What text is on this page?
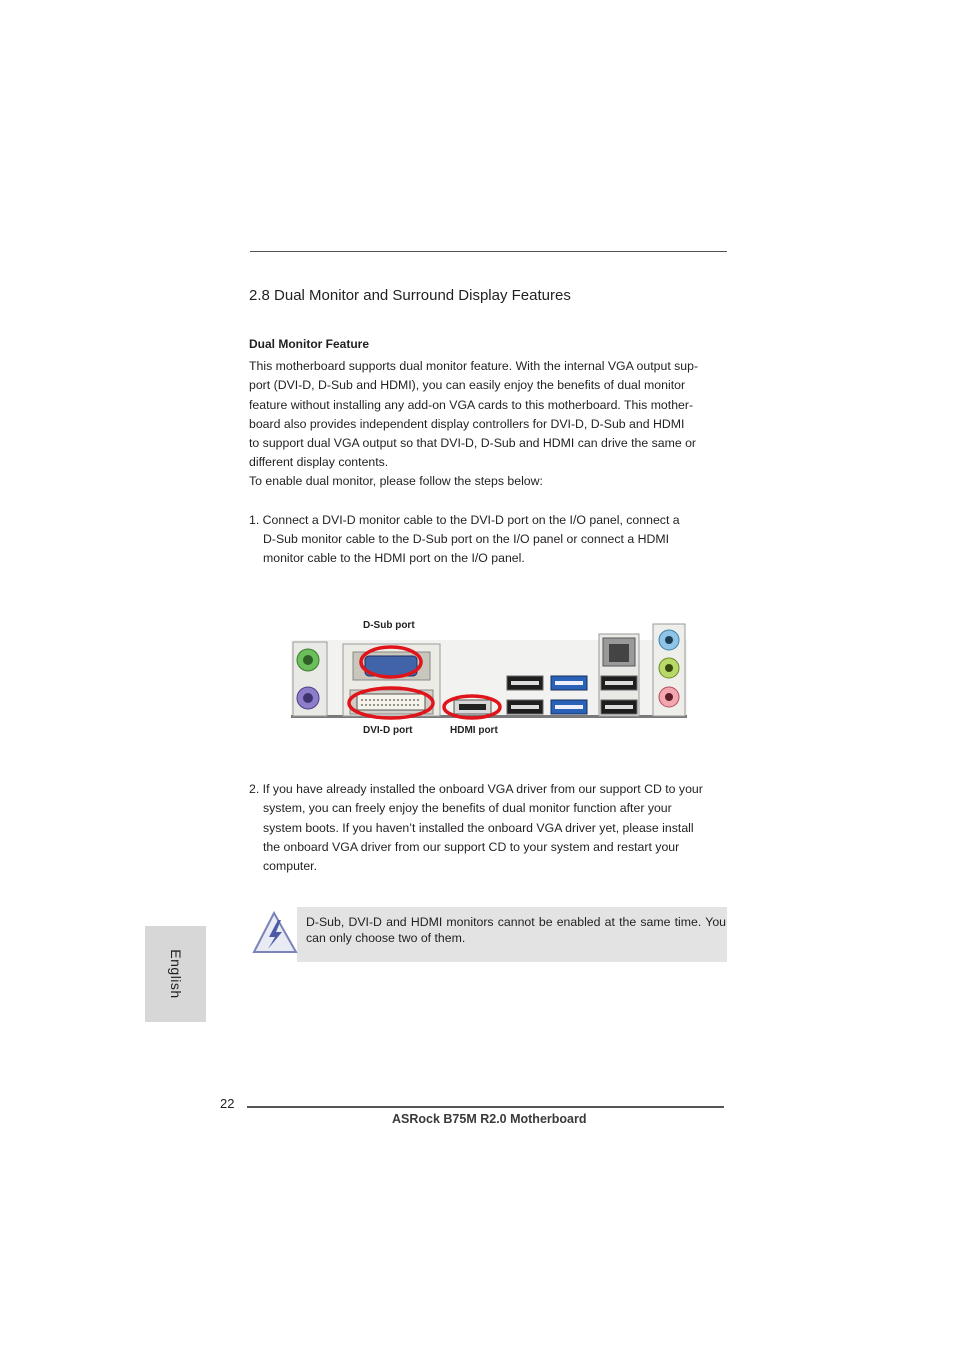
2.8 Dual Monitor and Surround Display Features
Dual Monitor Feature
This motherboard supports dual monitor feature. With the internal VGA output sup-
port (DVI-D, D-Sub and HDMI), you can easily enjoy the benefits of dual monitor
feature without installing any add-on VGA cards to this motherboard. This mother-
board also provides independent display controllers for DVI-D, D-Sub and HDMI
to support dual VGA output so that DVI-D, D-Sub and HDMI can drive the same or
different display contents.
To enable dual monitor, please follow the steps below:
1. Connect a DVI-D monitor cable to the DVI-D port on the I/O panel, connect a
D-Sub monitor cable to the D-Sub port on the I/O panel or connect a HDMI
monitor cable to the HDMI port on the I/O panel.
D-Sub port
DVI-D port	HDMI port
2. If you have already installed the onboard VGA driver from our support CD to your
system, you can freely enjoy the benefits of dual monitor function after your
system boots. If you haven’t installed the onboard VGA driver yet, please install
the onboard VGA driver from our support CD to your system and restart your
computer.
D-Sub, DVI-D and HDMI monitors cannot be enabled at the same time. You can only choose two of them.
English
22
ASRock B75M R2.0 Motherboard
